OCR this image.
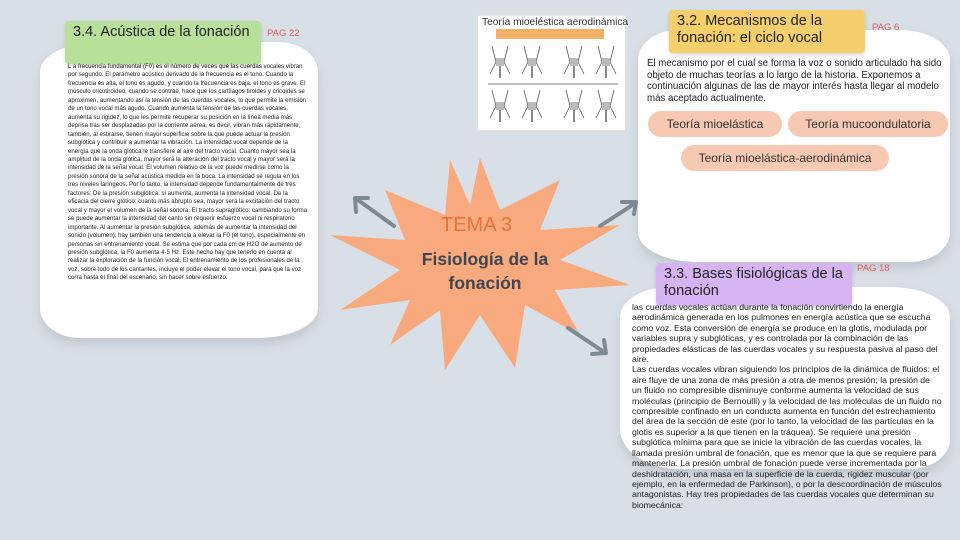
3.4. Acústica de la fonación	PAG 22
3.2. Mecanismos de la fonación: el ciclo vocal
PAG 6
3.3. Bases fisiológicas de la fonación
PAG 18
L a frecuencia fundamental (F0) es el número de veces que las cuerdas vocales vibran por segundo. El parámetro acústico derivado de la frecuencia es el tono. Cuando la frecuencia es alta, el tono es agudo, y cuando la frecuencia es baja, el tono es grave. El músculo cricotiroideo, cuando se contrae, hace que los cartílagos tiroides y cricoides se aproximen, aumentando así la tensión de las cuerdas vocales, lo que permite la emisión de un tono vocal más agudo. Cuando aumenta la tensión de las cuerdas vocales, aumenta su rigidez, lo que les permite recuperar su posición en la línea media más deprisa tras ser desplazadas por la corriente aérea, es decir, vibran más rápidamente; también, al estirarse, tienen mayor superficie sobre la que puede actuar la presión subglótica y contribuir a aumentar la vibración. La intensidad vocal depende de la energía que la onda glótica le transfiere al aire del tracto vocal. Cuanto mayor sea la amplitud de la onda glótica, mayor será la alteración del tracto vocal y mayor será la intensidad de la señal vocal. El volumen relativo de la voz puede medirse como la presión sonora de la señal acústica medida en la boca. La intensidad se regula en los tres niveles laríngeos. Por lo tanto, la intensidad depende fundamentalmente de tres factores: De la presión subglótica: si aumenta, aumenta la intensidad vocal. De la eficacia del cierre glótico: cuanto más abrupto sea, mayor será la excitación del tracto vocal y mayor el volumen de la señal sonora. El tracto supraglótico: cambiando su forma se puede aumentar la intensidad del canto sin requerir esfuerzo vocal ni respiratorio importante. Al aumentar la presión subglótica, además de aumentar la intensidad del sonido (volumen), hay también una tendencia a elevar la F0 (el tono), especialmente en personas sin entrenamiento vocal. Se estima que por cada cm de H2O de aumento de presión subglótica, la F0 aumenta 4-5 Hz. Este hecho hay que tenerlo en cuenta al realizar la exploración de la función vocal. El entrenamiento de los profesionales de la voz, sobre todo de los cantantes, incluye el poder elevar el tono vocal, para que la voz corra hasta el final del escenario, sin hacer sobre esfuerzo.
El mecanismo por el cual se forma la voz o sonido articulado ha sido objeto de muchas teorías a lo largo de la historia. Exponemos a continuación algunas de las de mayor interés hasta llegar al modelo más aceptado actualmente.
Teoría mioelástica	Teoría mucoondulatoria
Teoría mioelástica-aerodinámica
las cuerdas vocales actúan durante la fonación convirtiendo la energía aerodinámica generada en los pulmones en energía acústica que se escucha como voz. Esta conversión de energía se produce en la glotis, modulada por variables supra y subglóticas, y es controlada por la combinación de las propiedades elásticas de las cuerdas vocales y su respuesta pasiva al paso del aire.
Las cuerdas vocales vibran siguiendo los principios de la dinámica de fluidos: el aire fluye de una zona de más presión a otra de menos presión; la presión de un fluido no compresible disminuye conforme aumenta la velocidad de sus moléculas (principio de Bernoulli) y la velocidad de las moléculas de un fluido no compresible confinado en un conducto aumenta en función del estrechamiento del área de la sección de este (por lo tanto, la velocidad de las partículas en la glotis es superior a la que tienen en la tráquea). Se requiere una presión subglótica mínima para que se inicie la vibración de las cuerdas vocales, la llamada presión umbral de fonación, que es menor que la que se requiere para mantenerla. La presión umbral de fonación puede verse incrementada por la deshidratación, una masa en la superficie de la cuerda, rigidez muscular (por ejemplo, en la enfermedad de Parkinson), o por la descoordinación de músculos antagonistas. Hay tres propiedades de las cuerdas vocales que determinan su biomecánica:
Teoría mioeléstica aerodinámica
TEMA 3
Fisiología de la fonación
